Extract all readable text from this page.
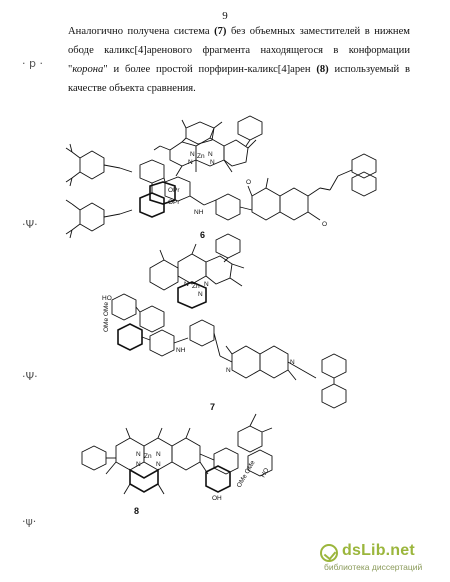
9

Аналогично получена система (7) без объемных заместителей в нижнем ободе каликс[4]аренового фрагмента находящегося в конформации "корона" и более простой порфирин-каликс[4]арен (8) используемый в качестве объекта сравнения.

· p ·
·Ψ·
·Ψ·
·ψ·
N Zn N
N	N
OPr
OPr
NH
O
O
N Zn N
N
HO
OMe OMe
NH
N
N
N Zn N
N N
OH
OMe OMe HO
6
7
8
dsLib.net
библиотека диссертаций
